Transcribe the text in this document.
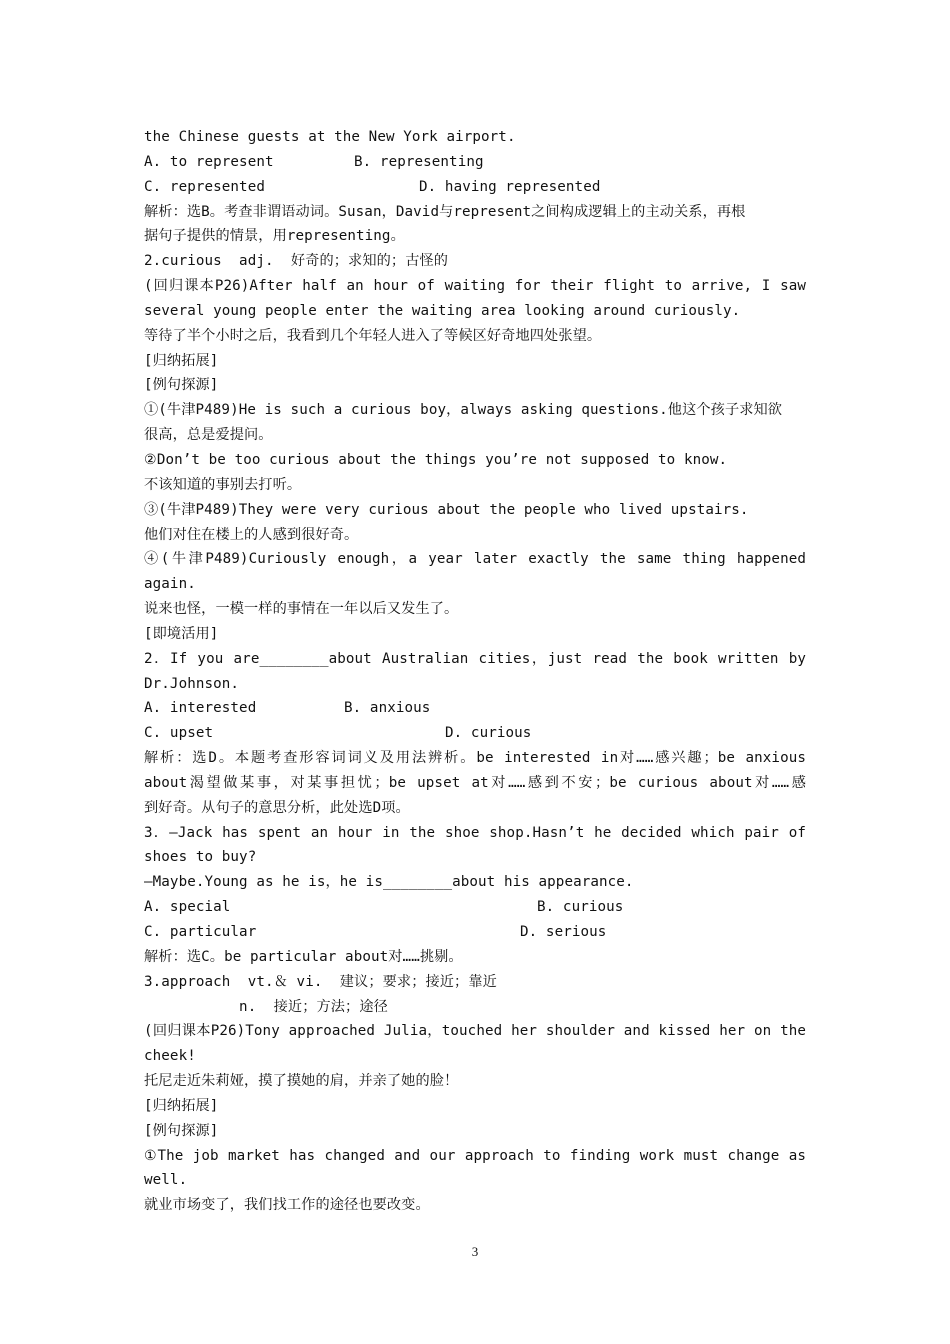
the Chinese guests at the New York airport.
A. to represent	B. representing
C. represented	D. having represented
解析：选B。考查非谓语动词。Susan，David与represent之间构成逻辑上的主动关系，再根
据句子提供的情景，用representing。
2.curious  adj.  好奇的；求知的；古怪的
(回归课本P26)After half an hour of waiting for their flight to arrive, I saw
several young people enter the waiting area looking around curiously.
等待了半个小时之后，我看到几个年轻人进入了等候区好奇地四处张望。
[归纳拓展]
[例句探源]
①(牛津P489)He is such a curious boy，always asking questions.他这个孩子求知欲
很高，总是爱提问。
②Don’t be too curious about the things you’re not supposed to know.
不该知道的事别去打听。
③(牛津P489)They were very curious about the people who lived upstairs.
他们对住在楼上的人感到很好奇。
④(牛津P489)Curiously enough，a year later exactly the same thing happened
again.
说来也怪，一模一样的事情在一年以后又发生了。
[即境活用]
2．If you are________about Australian cities，just read the book written by
Dr.Johnson.
A. interested	B. anxious
C. upset	D. curious
解析：选D。本题考查形容词词义及用法辨析。be interested in对……感兴趣；be anxious
about渴望做某事，对某事担忧；be upset at对……感到不安；be curious about对……感
到好奇。从句子的意思分析，此处选D项。
3．—Jack has spent an hour in the shoe shop.Hasn’t he decided which pair of
shoes to buy?
—Maybe.Young as he is，he is________about his appearance.
A. special	B. curious
C. particular	D. serious
解析：选C。be particular about对……挑剔。
3.approach  vt.＆ vi.  建议；要求；接近；靠近
n.  接近；方法；途径
(回归课本P26)Tony approached Julia，touched her shoulder and kissed her on the
cheek!
托尼走近朱莉娅，摸了摸她的肩，并亲了她的脸！
[归纳拓展]
[例句探源]
①The job market has changed and our approach to finding work must change as
well.
就业市场变了，我们找工作的途径也要改变。
3
